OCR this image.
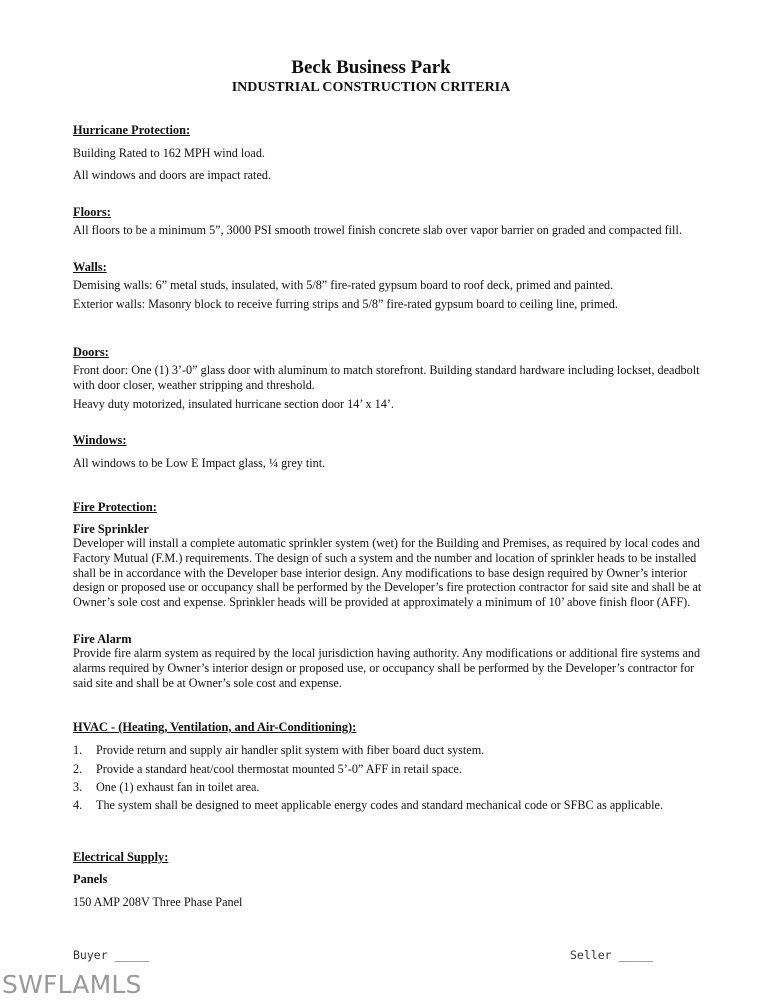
Beck Business Park
INDUSTRIAL CONSTRUCTION CRITERIA
Hurricane Protection:
Building Rated to 162 MPH wind load.
All windows and doors are impact rated.
Floors:
All floors to be a minimum 5”, 3000 PSI smooth trowel finish concrete slab over vapor barrier on graded and compacted fill.
Walls:
Demising walls: 6” metal studs, insulated, with 5/8” fire-rated gypsum board to roof deck, primed and painted.
Exterior walls: Masonry block to receive furring strips and 5/8” fire-rated gypsum board to ceiling line, primed.
Doors:
Front door: One (1) 3’-0” glass door with aluminum to match storefront. Building standard hardware including lockset, deadbolt with door closer, weather stripping and threshold.
Heavy duty motorized, insulated hurricane section door 14’ x 14’.
Windows:
All windows to be Low E Impact glass, ¼ grey tint.
Fire Protection:
Fire Sprinkler
Developer will install a complete automatic sprinkler system (wet) for the Building and Premises, as required by local codes and Factory Mutual (F.M.) requirements. The design of such a system and the number and location of sprinkler heads to be installed shall be in accordance with the Developer base interior design. Any modifications to base design required by Owner’s interior design or proposed use or occupancy shall be performed by the Developer’s fire protection contractor for said site and shall be at Owner’s sole cost and expense. Sprinkler heads will be provided at approximately a minimum of 10’ above finish floor (AFF).
Fire Alarm
Provide fire alarm system as required by the local jurisdiction having authority. Any modifications or additional fire systems and alarms required by Owner’s interior design or proposed use, or occupancy shall be performed by the Developer’s contractor for said site and shall be at Owner’s sole cost and expense.
HVAC - (Heating, Ventilation, and Air-Conditioning):
1. Provide return and supply air handler split system with fiber board duct system.
2. Provide a standard heat/cool thermostat mounted 5’-0” AFF in retail space.
3. One (1) exhaust fan in toilet area.
4. The system shall be designed to meet applicable energy codes and standard mechanical code or SFBC as applicable.
Electrical Supply:
Panels
150 AMP 208V Three Phase Panel
Buyer _____	Seller _____
SWFLAMLS
